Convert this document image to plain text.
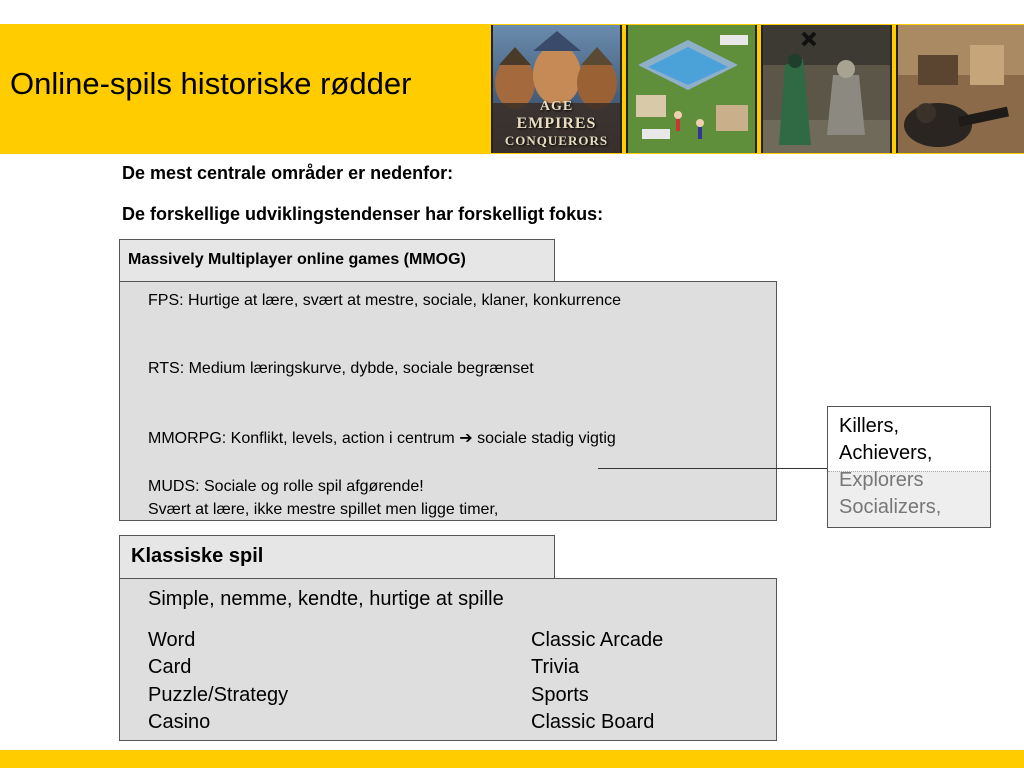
Online-spils historiske rødder
AGE
EMPIRES
CONQUERORS

De mest centrale områder er nedenfor:

De forskellige udviklingstendenser har forskelligt fokus:

Massively Multiplayer online games (MMOG)
FPS: Hurtige at lære, svært at mestre, sociale, klaner, konkurrence
RTS: Medium læringskurve, dybde, sociale begrænset
MMORPG: Konflikt, levels, action i centrum ➔ sociale stadig vigtig
MUDS: Sociale og rolle spil afgørende!
Svært at lære, ikke mestre spillet men ligge timer,
Killers,
Achievers,
Explorers
Socializers,
Klassiske spil
Simple, nemme, kendte, hurtige at spille
Word
Card
Puzzle/Strategy
Casino
Classic Arcade
Trivia
Sports
Classic Board
